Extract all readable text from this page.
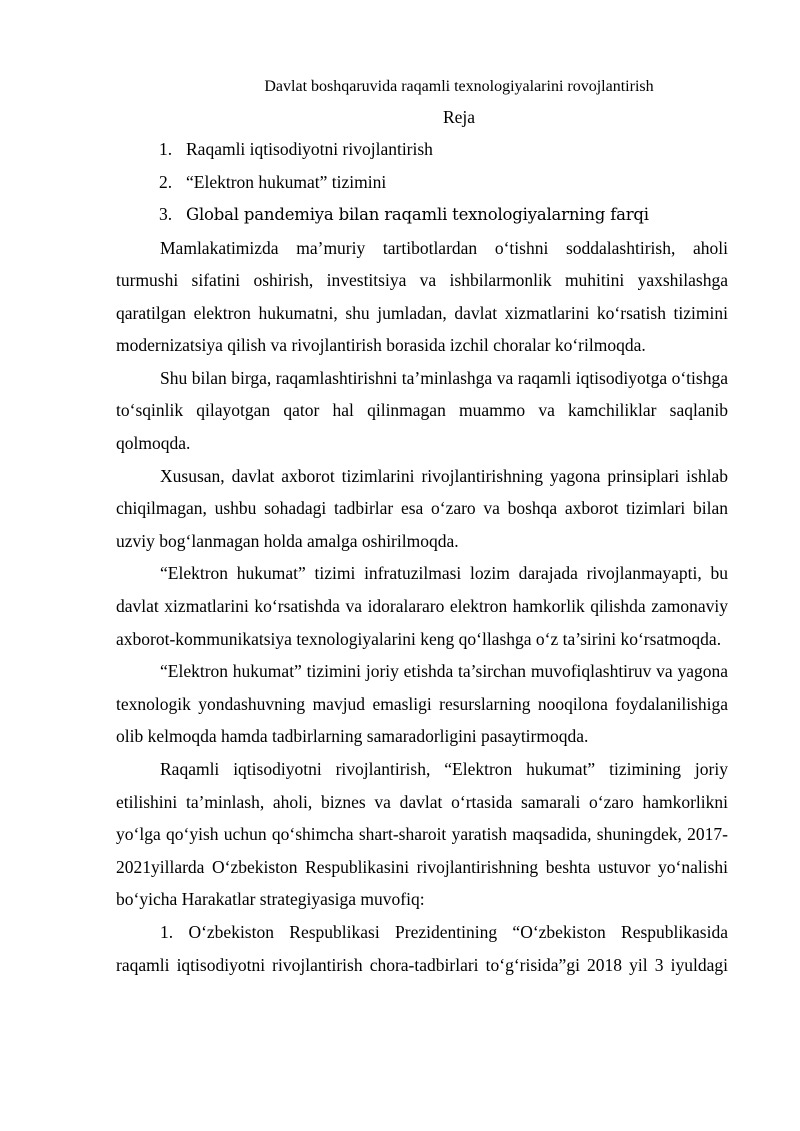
Davlat boshqaruvida raqamli texnologiyalarini rovojlantirish

Reja

1. Raqamli iqtisodiyotni rivojlantirish
2. “Elektron hukumat” tizimini
3. Global pandemiya bilan raqamli texnologiyalarning farqi

Mamlakatimizda ma’muriy tartibotlardan o‘tishni soddalashtirish, aholi turmushi sifatini oshirish, investitsiya va ishbilarmonlik muhitini yaxshilashga qaratilgan elektron hukumatni, shu jumladan, davlat xizmatlarini ko‘rsatish tizimini modernizatsiya qilish va rivojlantirish borasida izchil choralar ko‘rilmoqda.

Shu bilan birga, raqamlashtirishni ta’minlashga va raqamli iqtisodiyotga o‘tishga to‘sqinlik qilayotgan qator hal qilinmagan muammo va kamchiliklar saqlanib qolmoqda.

Xususan, davlat axborot tizimlarini rivojlantirishning yagona prinsiplari ishlab chiqilmagan, ushbu sohadagi tadbirlar esa o‘zaro va boshqa axborot tizimlari bilan uzviy bog‘lanmagan holda amalga oshirilmoqda.

“Elektron hukumat” tizimi infratuzilmasi lozim darajada rivojlanmayapti, bu davlat xizmatlarini ko‘rsatishda va idoralararo elektron hamkorlik qilishda zamonaviy axborot-kommunikatsiya texnologiyalarini keng qo‘llashga o‘z ta’sirini ko‘rsatmoqda.

“Elektron hukumat” tizimini joriy etishda ta’sirchan muvofiqlashtiruv va yagona texnologik yondashuvning mavjud emasligi resurslarning nooqilona foydalanilishiga olib kelmoqda hamda tadbirlarning samaradorligini pasaytirmoqda.

Raqamli iqtisodiyotni rivojlantirish, “Elektron hukumat” tizimining joriy etilishini ta’minlash, aholi, biznes va davlat o‘rtasida samarali o‘zaro hamkorlikni yo‘lga qo‘yish uchun qo‘shimcha shart-sharoit yaratish maqsadida, shuningdek, 2017-2021yillarda O‘zbekiston Respublikasini rivojlantirishning beshta ustuvor yo‘nalishi bo‘yicha Harakatlar strategiyasiga muvofiq:

1. O‘zbekiston Respublikasi Prezidentining “O‘zbekiston Respublikasida raqamli iqtisodiyotni rivojlantirish chora-tadbirlari to‘g‘risida”gi 2018 yil 3 iyuldagi
